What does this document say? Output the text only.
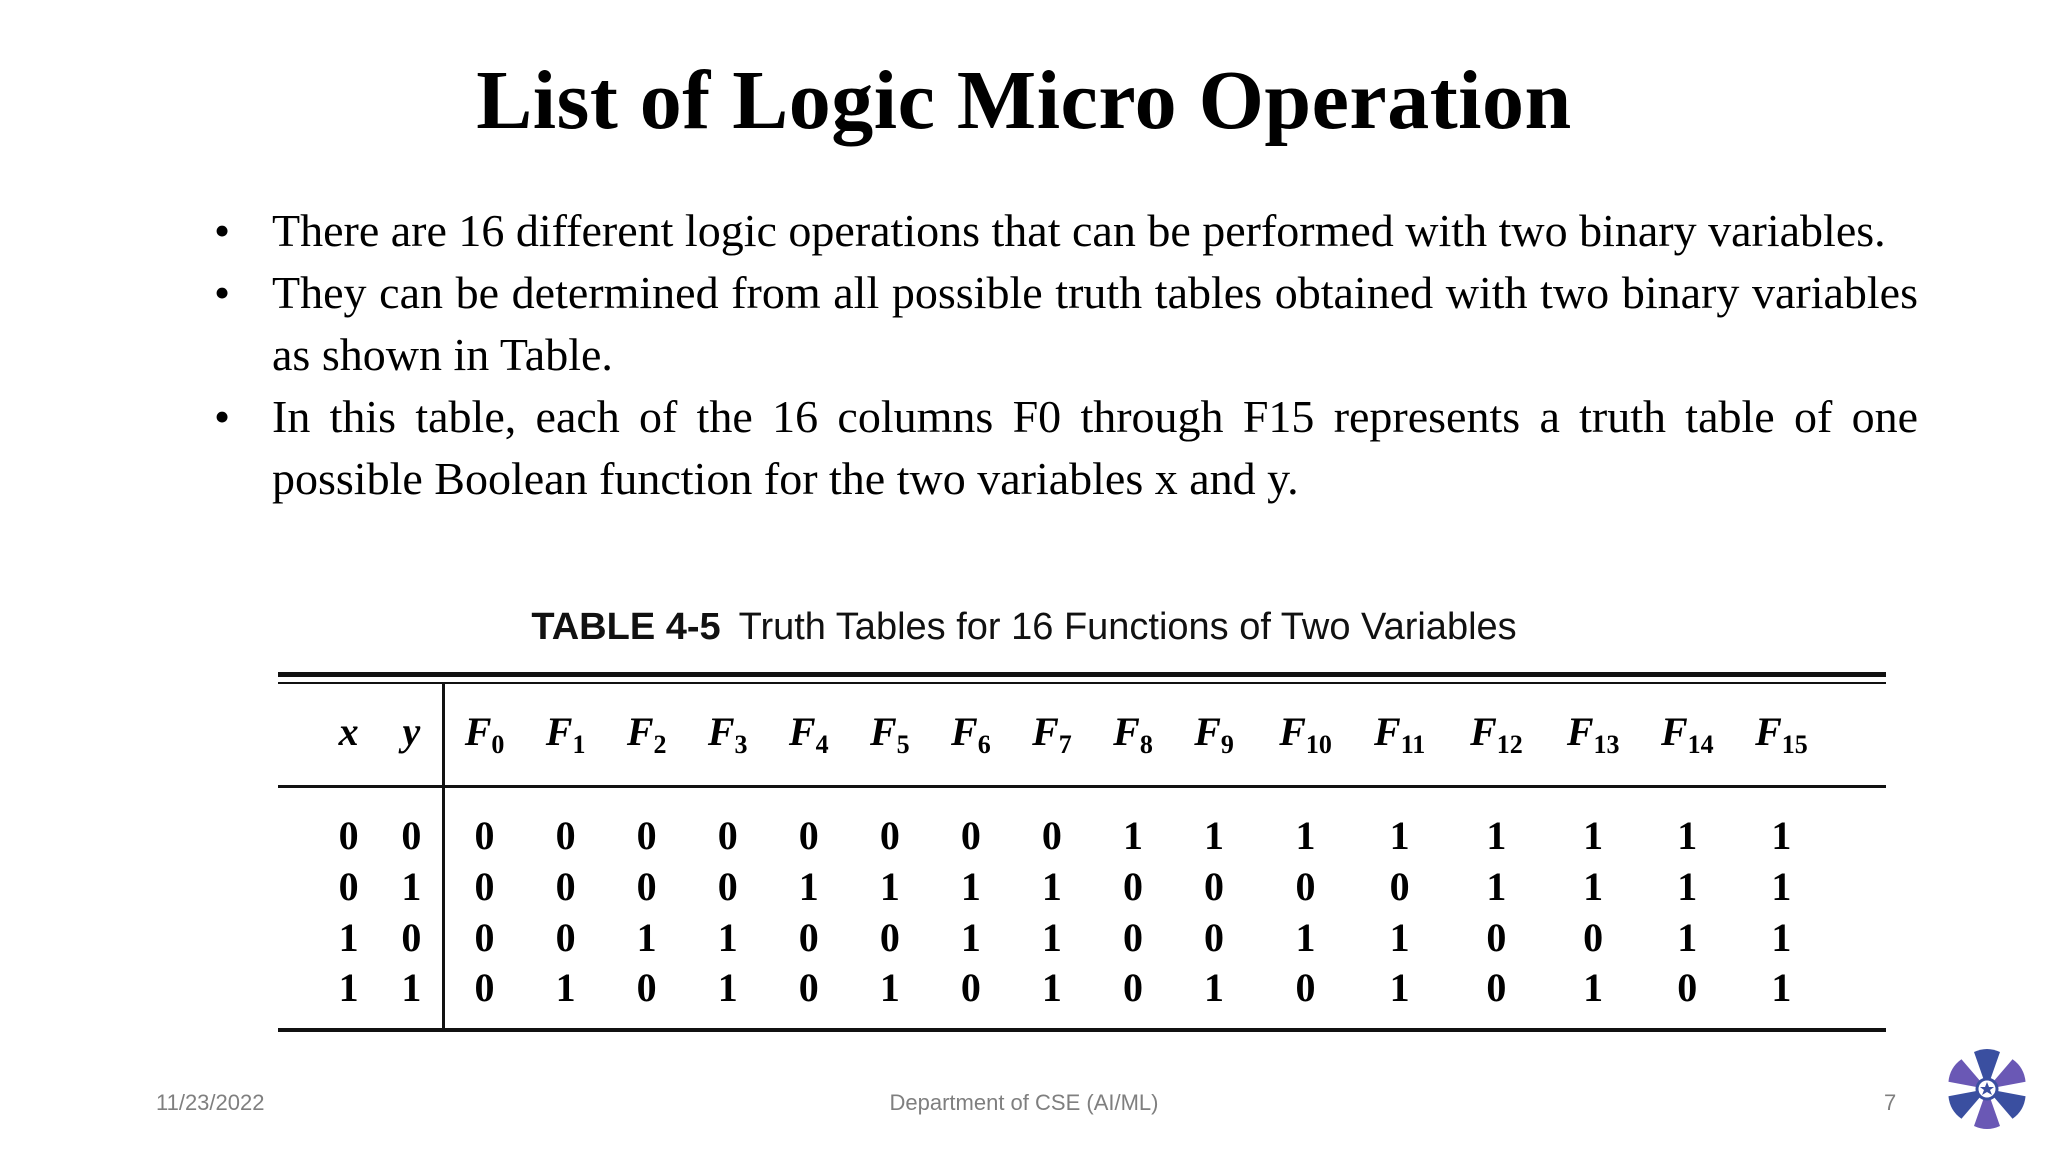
List of Logic Micro Operation
• There are 16 different logic operations that can be performed with two binary variables.
• They can be determined from all possible truth tables obtained with two binary variables as shown in Table.
• In this table, each of the 16 columns F0 through F15 represents a truth table of one possible Boolean function for the two variables x and y.
TABLE 4-5 Truth Tables for 16 Functions of Two Variables
x y $F_0$ $F_1$ $F_2$ $F_3$ $F_4$ $F_5$ $F_6$ $F_7$ $F_8$ $F_9$ $F_{10}$ $F_{11}$ $F_{12}$ $F_{13}$ $F_{14}$ $F_{15}$
0 0 0 0 0 0 0 0 0 0 1 1 1 1 1 1 1 1
0 1 0 0 0 0 1 1 1 1 0 0 0 0 1 1 1 1
1 0 0 0 1 1 0 0 1 1 0 0 1 1 0 0 1 1
1 1 0 1 0 1 0 1 0 1 0 1 0 1 0 1 0 1
11/23/2022	Department of CSE (AI/ML)	7
